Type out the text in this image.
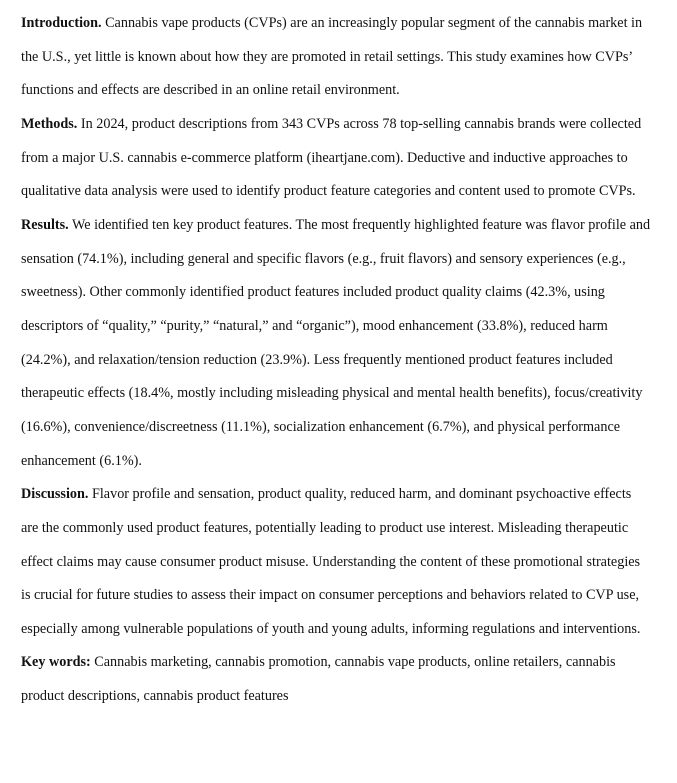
Introduction. Cannabis vape products (CVPs) are an increasingly popular segment of the cannabis market in the U.S., yet little is known about how they are promoted in retail settings. This study examines how CVPs’ functions and effects are described in an online retail environment.

Methods. In 2024, product descriptions from 343 CVPs across 78 top-selling cannabis brands were collected from a major U.S. cannabis e-commerce platform (iheartjane.com). Deductive and inductive approaches to qualitative data analysis were used to identify product feature categories and content used to promote CVPs.

Results. We identified ten key product features. The most frequently highlighted feature was flavor profile and sensation (74.1%), including general and specific flavors (e.g., fruit flavors) and sensory experiences (e.g., sweetness). Other commonly identified product features included product quality claims (42.3%, using descriptors of “quality,” “purity,” “natural,” and “organic”), mood enhancement (33.8%), reduced harm (24.2%), and relaxation/tension reduction (23.9%). Less frequently mentioned product features included therapeutic effects (18.4%, mostly including misleading physical and mental health benefits), focus/creativity (16.6%), convenience/discreetness (11.1%), socialization enhancement (6.7%), and physical performance enhancement (6.1%).

Discussion. Flavor profile and sensation, product quality, reduced harm, and dominant psychoactive effects are the commonly used product features, potentially leading to product use interest. Misleading therapeutic effect claims may cause consumer product misuse. Understanding the content of these promotional strategies is crucial for future studies to assess their impact on consumer perceptions and behaviors related to CVP use, especially among vulnerable populations of youth and young adults, informing regulations and interventions.

Key words: Cannabis marketing, cannabis promotion, cannabis vape products, online retailers, cannabis product descriptions, cannabis product features
